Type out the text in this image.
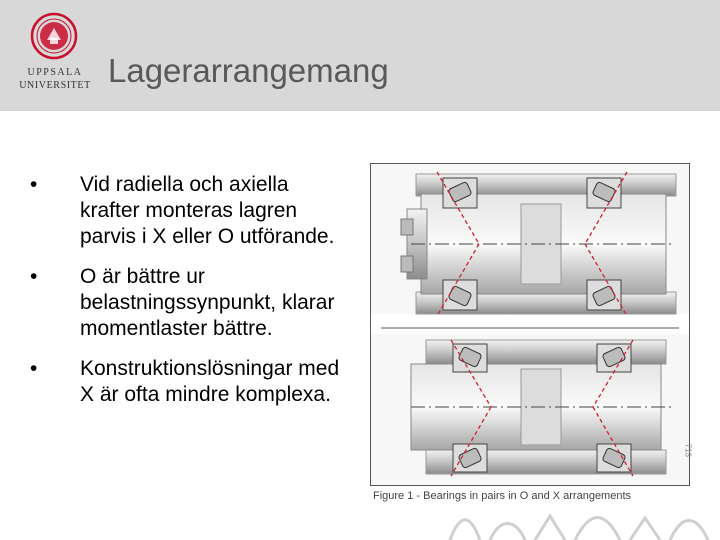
UPPSALA
UNIVERSITET Lagerarrangemang
•	Vid radiella och axiella krafter monteras lagren parvis i X eller O utförande.
•	O är bättre ur belastningssynpunkt, klarar momentlaster bättre.
•	Konstruktionslösningar med X är ofta mindre komplexa.
713
Figure 1 - Bearings in pairs in O and X arrangements
